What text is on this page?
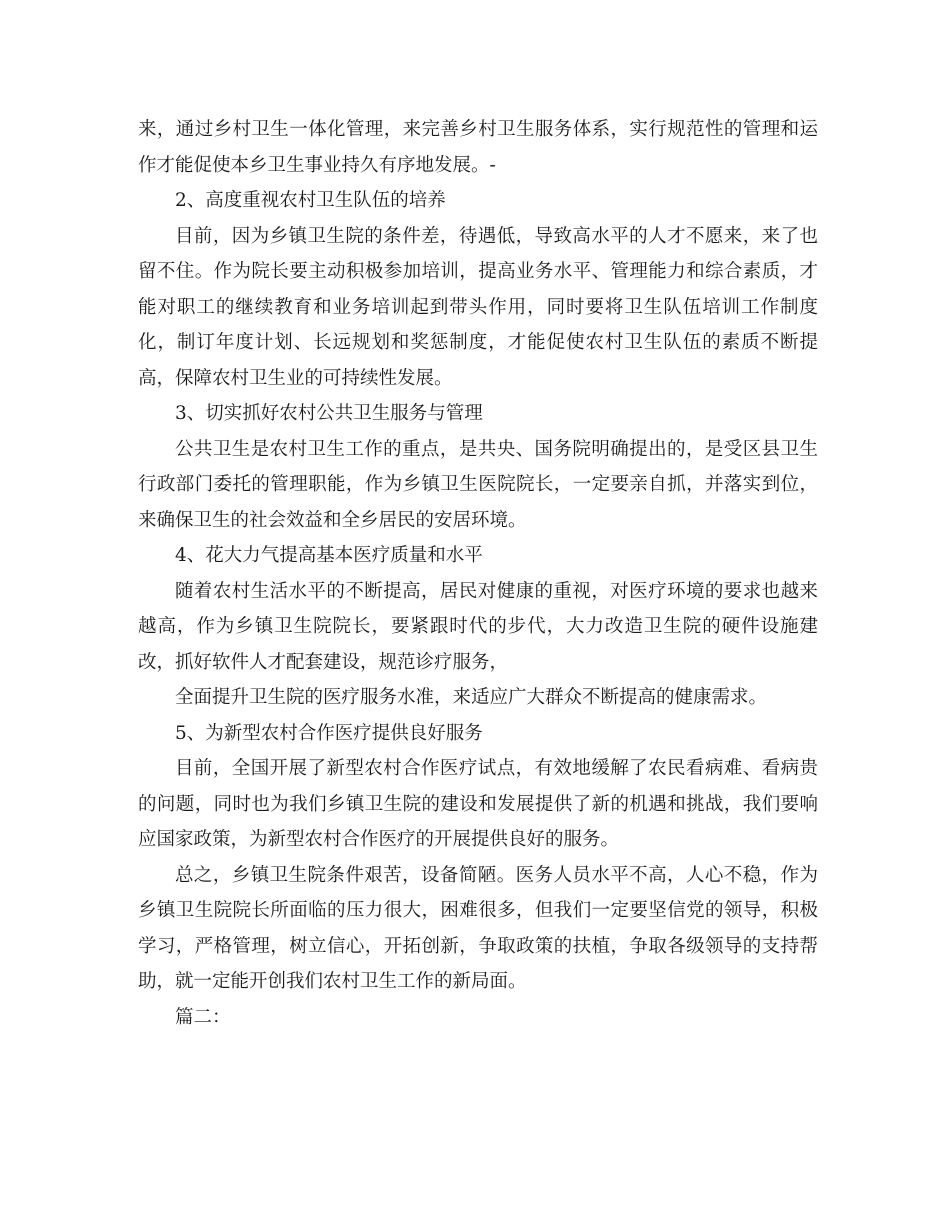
来，通过乡村卫生一体化管理，来完善乡村卫生服务体系，实行规范性的管理和运作才能促使本乡卫生事业持久有序地发展。-

2、高度重视农村卫生队伍的培养

目前，因为乡镇卫生院的条件差，待遇低，导致高水平的人才不愿来，来了也留不住。作为院长要主动积极参加培训，提高业务水平、管理能力和综合素质，才能对职工的继续教育和业务培训起到带头作用，同时要将卫生队伍培训工作制度化，制订年度计划、长远规划和奖惩制度，才能促使农村卫生队伍的素质不断提高，保障农村卫生业的可持续性发展。

3、切实抓好农村公共卫生服务与管理

公共卫生是农村卫生工作的重点，是共央、国务院明确提出的，是受区县卫生行政部门委托的管理职能，作为乡镇卫生医院院长，一定要亲自抓，并落实到位，来确保卫生的社会效益和全乡居民的安居环境。

4、花大力气提高基本医疗质量和水平

随着农村生活水平的不断提高，居民对健康的重视，对医疗环境的要求也越来越高，作为乡镇卫生院院长，要紧跟时代的步代，大力改造卫生院的硬件设施建改，抓好软件人才配套建设，规范诊疗服务，

全面提升卫生院的医疗服务水准，来适应广大群众不断提高的健康需求。

5、为新型农村合作医疗提供良好服务

目前，全国开展了新型农村合作医疗试点，有效地缓解了农民看病难、看病贵的问题，同时也为我们乡镇卫生院的建设和发展提供了新的机遇和挑战，我们要响应国家政策，为新型农村合作医疗的开展提供良好的服务。

总之，乡镇卫生院条件艰苦，设备简陋。医务人员水平不高，人心不稳，作为乡镇卫生院院长所面临的压力很大，困难很多，但我们一定要坚信党的领导，积极学习，严格管理，树立信心，开拓创新，争取政策的扶植，争取各级领导的支持帮助，就一定能开创我们农村卫生工作的新局面。

篇二：
